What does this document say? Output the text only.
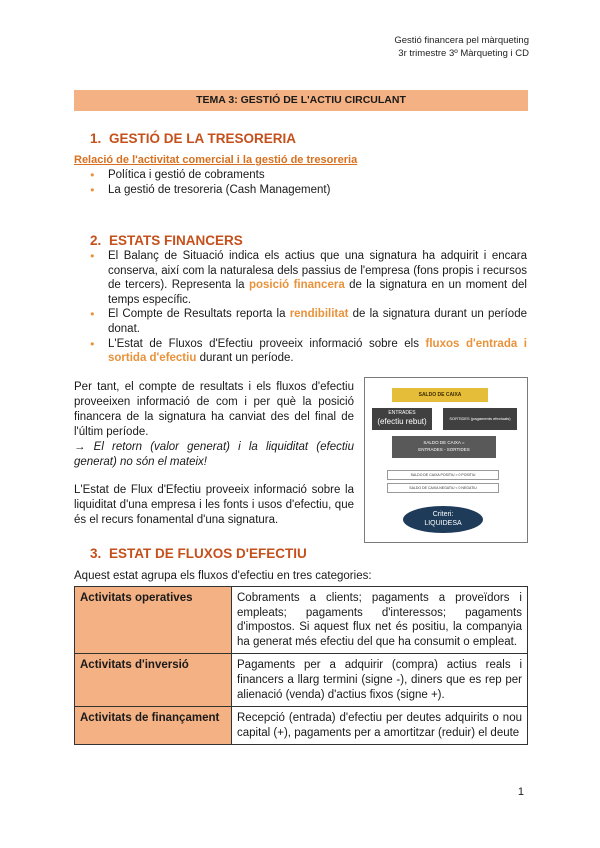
Gestió financera pel màrqueting
3r trimestre 3º Màrqueting i CD
TEMA 3: GESTIÓ DE L'ACTIU CIRCULANT
1. GESTIÓ DE LA TRESORERIA
Relació de l'activitat comercial i la gestió de tresoreria
● Política i gestió de cobraments
● La gestió de tresoreria (Cash Management)
2. ESTATS FINANCERS
● El Balanç de Situació indica els actius que una signatura ha adquirit i encara conserva, així com la naturalesa dels passius de l'empresa (fons propis i recursos de tercers). Representa la posició financera de la signatura en un moment del temps específic.
● El Compte de Resultats reporta la rendibilitat de la signatura durant un període donat.
● L'Estat de Fluxos d'Efectiu proveeix informació sobre els fluxos d'entrada i sortida d'efectiu durant un període.
Per tant, el compte de resultats i els fluxos d'efectiu proveeixen informació de com i per què la posició financera de la signatura ha canviat des del final de l'últim període.
→ El retorn (valor generat) i la liquiditat (efectiu generat) no són el mateix!
L'Estat de Flux d'Efectiu proveeix informació sobre la liquiditat d'una empresa i les fonts i usos d'efectiu, que és el recurs fonamental d'una signatura.
SALDO DE CAIXA
ENTRADES
(efectiu rebut)	SORTIDES (pagaments efectuats)
SALDO DE CAIXA =
ENTRADES - SORTIDES
SALDO DE CAIXA POSITIU > 0 POSITIU
SALDO DE CAIXA NEGATIU < 0 NEGATIU
Criteri:
LIQUIDESA
3. ESTAT DE FLUXOS D'EFECTIU
Aquest estat agrupa els fluxos d'efectiu en tres categories:
Activitats operatives	Cobraments a clients; pagaments a proveïdors i empleats; pagaments d'interessos; pagaments d'impostos. Si aquest flux net és positiu, la companyia ha generat més efectiu del que ha consumit o empleat.
Activitats d'inversió	Pagaments per a adquirir (compra) actius reals i financers a llarg termini (signe -), diners que es rep per alienació (venda) d'actius fixos (signe +).
Activitats de finançament	Recepció (entrada) d'efectiu per deutes adquirits o nou capital (+), pagaments per a amortitzar (reduir) el deute
1
